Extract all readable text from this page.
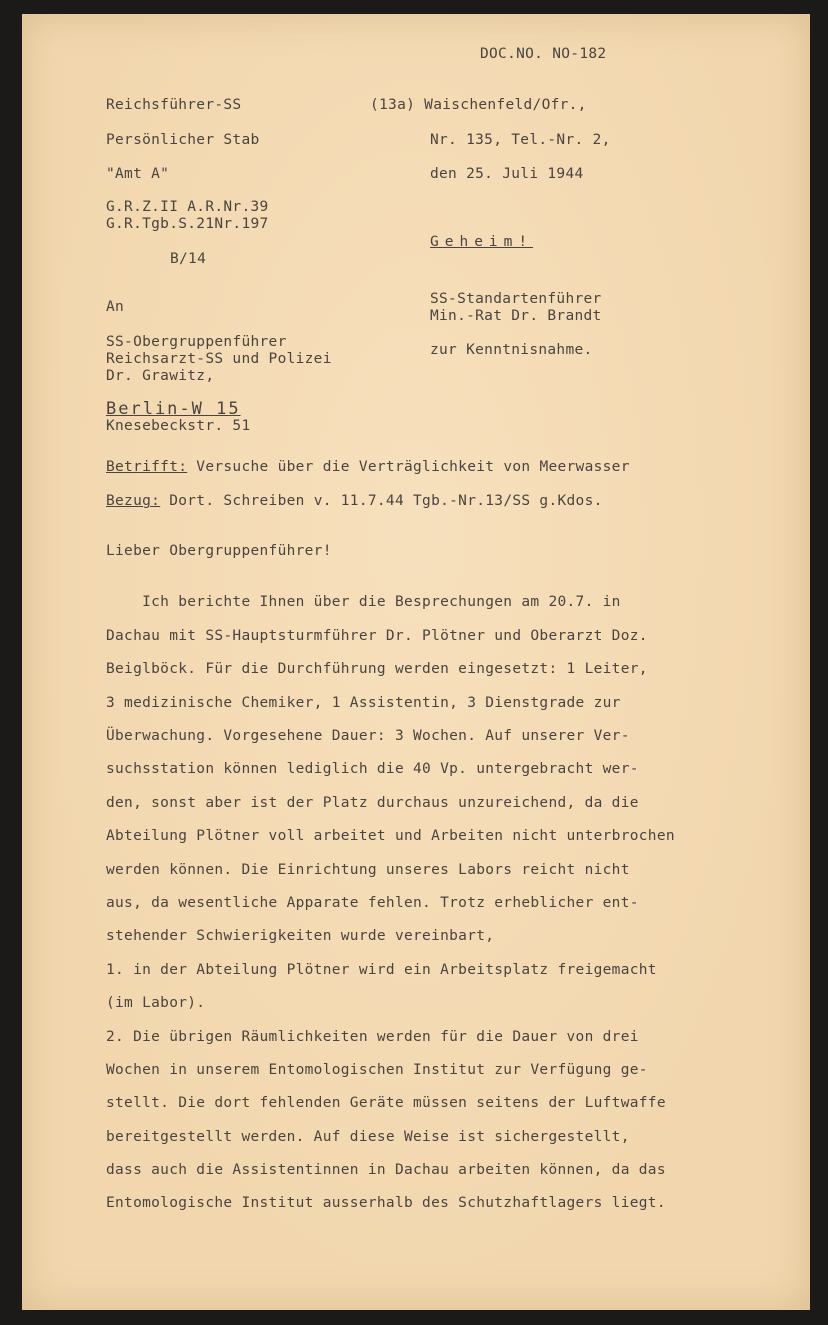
DOC.NO. NO-182
Reichsführer-SS
Persönlicher Stab
"Amt A"
G.R.Z.II A.R.Nr.39
G.R.Tgb.S.21Nr.197
B/14
(13a) Waischenfeld/Ofr.,
Nr. 135, Tel.-Nr. 2,
den 25. Juli 1944
Geheim!
SS-Standartenführer
Min.-Rat Dr. Brandt
zur Kenntnisnahme.
An
SS-Obergruppenführer
Reichsarzt-SS und Polizei
Dr. Grawitz,
Berlin-W 15
Knesebeckstr. 51
Betrifft: Versuche über die Verträglichkeit von Meerwasser
Bezug: Dort. Schreiben v. 11.7.44 Tgb.-Nr.13/SS g.Kdos.
Lieber Obergruppenführer!
Ich berichte Ihnen über die Besprechungen am 20.7. in
Dachau mit SS-Hauptsturmführer Dr. Plötner und Oberarzt Doz.
Beiglböck. Für die Durchführung werden eingesetzt: 1 Leiter,
3 medizinische Chemiker, 1 Assistentin, 3 Dienstgrade zur
Überwachung. Vorgesehene Dauer: 3 Wochen. Auf unserer Ver-
suchsstation können lediglich die 40 Vp. untergebracht wer-
den, sonst aber ist der Platz durchaus unzureichend, da die
Abteilung Plötner voll arbeitet und Arbeiten nicht unterbrochen
werden können. Die Einrichtung unseres Labors reicht nicht
aus, da wesentliche Apparate fehlen. Trotz erheblicher ent-
stehender Schwierigkeiten wurde vereinbart,
1. in der Abteilung Plötner wird ein Arbeitsplatz freigemacht
(im Labor).
2. Die übrigen Räumlichkeiten werden für die Dauer von drei
Wochen in unserem Entomologischen Institut zur Verfügung ge-
stellt. Die dort fehlenden Geräte müssen seitens der Luftwaffe
bereitgestellt werden. Auf diese Weise ist sichergestellt,
dass auch die Assistentinnen in Dachau arbeiten können, da das
Entomologische Institut ausserhalb des Schutzhaftlagers liegt.
